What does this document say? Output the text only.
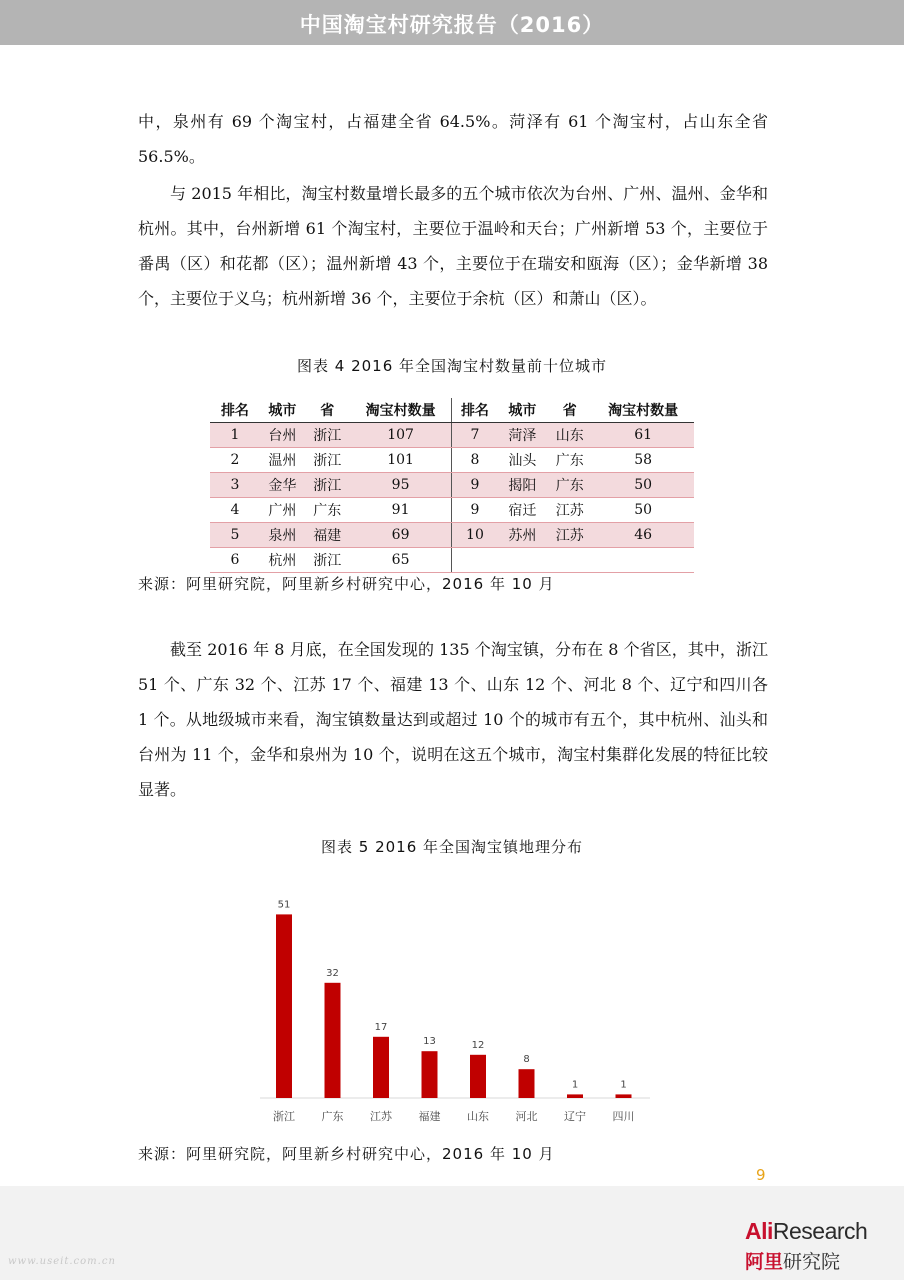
中国淘宝村研究报告（2016）
中，泉州有 69 个淘宝村，占福建全省 64.5%。菏泽有 61 个淘宝村，占山东全省 56.5%。
与 2015 年相比，淘宝村数量增长最多的五个城市依次为台州、广州、温州、金华和杭州。其中，台州新增 61 个淘宝村，主要位于温岭和天台；广州新增 53 个，主要位于番禺（区）和花都（区）；温州新增 43 个，主要位于在瑞安和瓯海（区）；金华新增 38 个，主要位于义乌；杭州新增 36 个，主要位于余杭（区）和萧山（区）。
图表 4 2016 年全国淘宝村数量前十位城市
排名	城市	省	淘宝村数量	排名	城市	省	淘宝村数量
1	台州	浙江	107	7	菏泽	山东	61
2	温州	浙江	101	8	汕头	广东	58
3	金华	浙江	95	9	揭阳	广东	50
4	广州	广东	91	9	宿迁	江苏	50
5	泉州	福建	69	10	苏州	江苏	46
6	杭州	浙江	65				
来源：阿里研究院，阿里新乡村研究中心，2016 年 10 月
截至 2016 年 8 月底，在全国发现的 135 个淘宝镇，分布在 8 个省区，其中，浙江 51 个、广东 32 个、江苏 17 个、福建 13 个、山东 12 个、河北 8 个、辽宁和四川各 1 个。从地级城市来看，淘宝镇数量达到或超过 10 个的城市有五个，其中杭州、汕头和台州为 11 个，金华和泉州为 10 个，说明在这五个城市，淘宝村集群化发展的特征比较显著。
图表 5 2016 年全国淘宝镇地理分布
51
浙江
32
广东
17
江苏
13
福建
12
山东
8
河北
1
辽宁
1
四川
来源：阿里研究院，阿里新乡村研究中心，2016 年 10 月
9
www.useit.com.cn
AliResearch
阿里研究院
